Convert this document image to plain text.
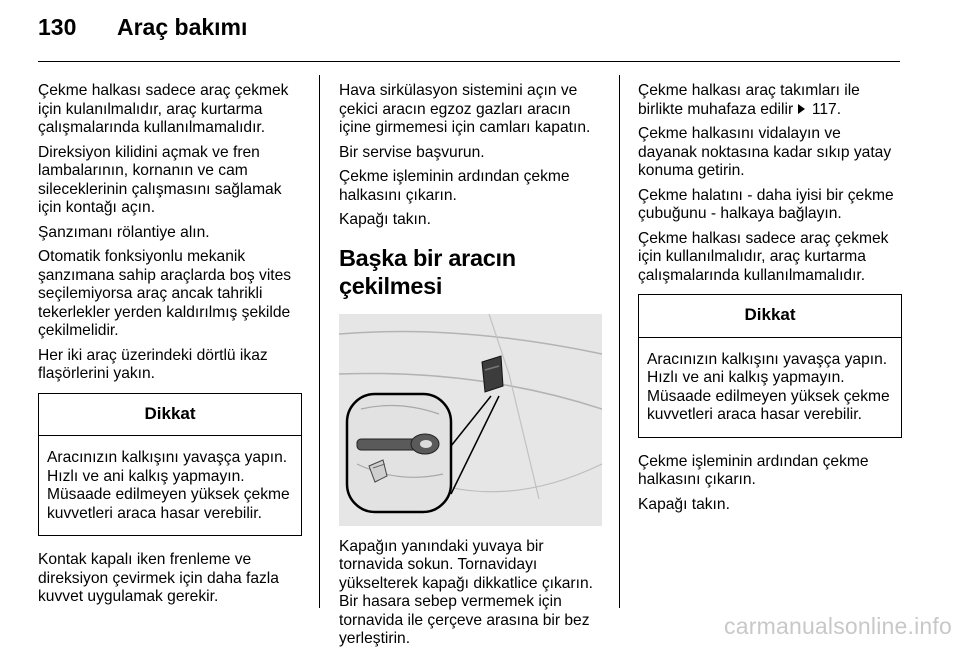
130 Araç bakımı

Çekme halkası sadece araç çekmek için kulanılmalıdır, araç kurtarma çalışmalarında kullanılmamalıdır.

Direksiyon kilidini açmak ve fren lambalarının, kornanın ve cam sileceklerinin çalışmasını sağlamak için kontağı açın.

Şanzımanı rölantiye alın.

Otomatik fonksiyonlu mekanik şanzımana sahip araçlarda boş vites seçilemiyorsa araç ancak tahrikli tekerlekler yerden kaldırılmış şekilde çekilmelidir.

Her iki araç üzerindeki dörtlü ikaz flaşörlerini yakın.

Dikkat
Aracınızın kalkışını yavaşça yapın. Hızlı ve ani kalkış yapmayın. Müsaade edilmeyen yüksek çekme kuvvetleri araca hasar verebilir.

Kontak kapalı iken frenleme ve direksiyon çevirmek için daha fazla kuvvet uygulamak gerekir.

Hava sirkülasyon sistemini açın ve çekici aracın egzoz gazları aracın içine girmemesi için camları kapatın.

Bir servise başvurun.

Çekme işleminin ardından çekme halkasını çıkarın.

Kapağı takın.

Başka bir aracın çekilmesi

Kapağın yanındaki yuvaya bir tornavida sokun. Tornavidayı yükselterek kapağı dikkatlice çıkarın. Bir hasara sebep vermemek için tornavida ile çerçeve arasına bir bez yerleştirin.

Çekme halkası araç takımları ile birlikte muhafaza edilir 117.

Çekme halkasını vidalayın ve dayanak noktasına kadar sıkıp yatay konuma getirin.

Çekme halatını - daha iyisi bir çekme çubuğunu - halkaya bağlayın.

Çekme halkası sadece araç çekmek için kullanılmalıdır, araç kurtarma çalışmalarında kullanılmamalıdır.

Dikkat
Aracınızın kalkışını yavaşça yapın. Hızlı ve ani kalkış yapmayın. Müsaade edilmeyen yüksek çekme kuvvetleri araca hasar verebilir.

Çekme işleminin ardından çekme halkasını çıkarın.

Kapağı takın.

carmanualsonline.info
